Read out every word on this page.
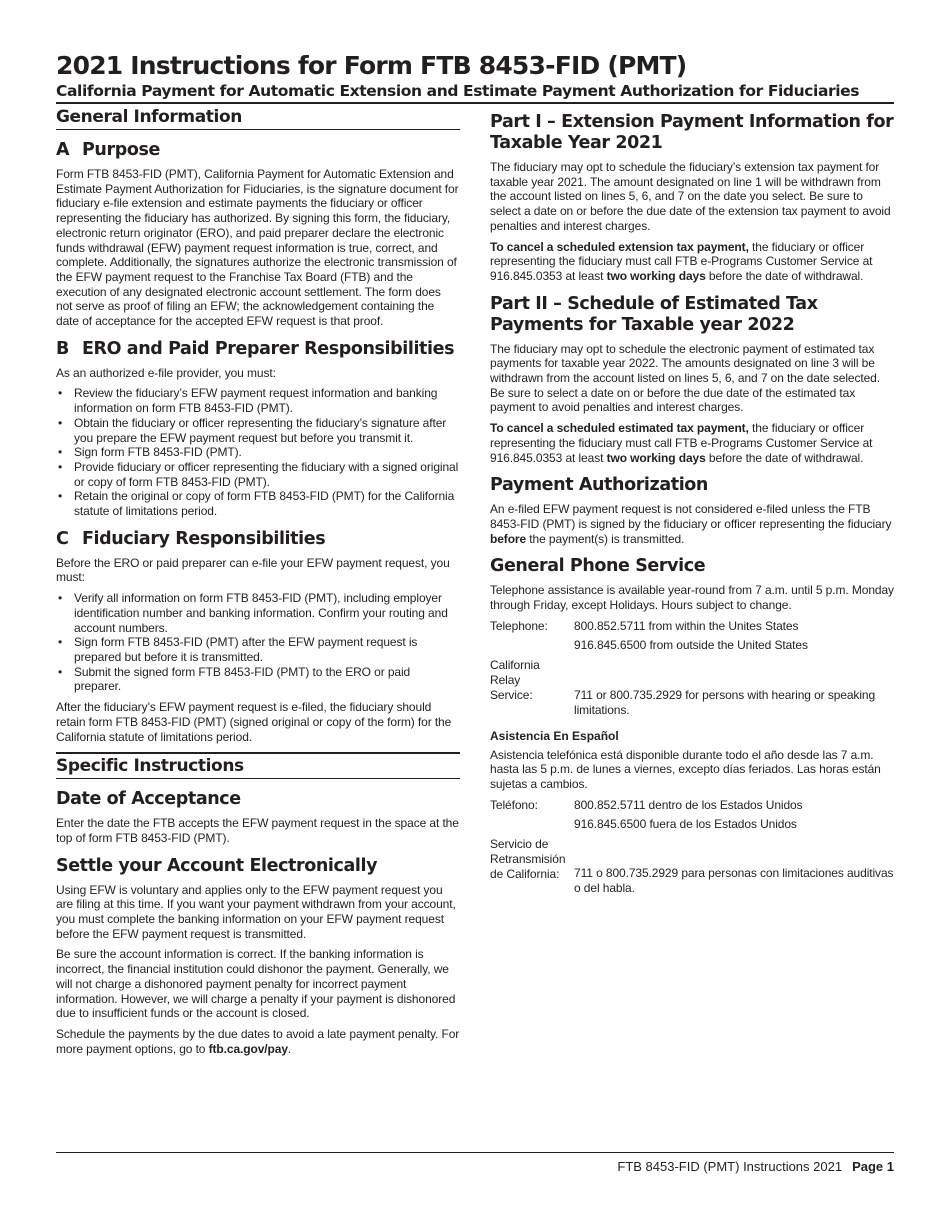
2021 Instructions for Form FTB 8453-FID (PMT)
California Payment for Automatic Extension and Estimate Payment Authorization for Fiduciaries
General Information
A Purpose

Form FTB 8453-FID (PMT), California Payment for Automatic Extension and Estimate Payment Authorization for Fiduciaries, is the signature document for fiduciary e-file extension and estimate payments the fiduciary or officer representing the fiduciary has authorized. By signing this form, the fiduciary, electronic return originator (ERO), and paid preparer declare the electronic funds withdrawal (EFW) payment request information is true, correct, and complete. Additionally, the signatures authorize the electronic transmission of the EFW payment request to the Franchise Tax Board (FTB) and the execution of any designated electronic account settlement. The form does not serve as proof of filing an EFW; the acknowledgement containing the date of acceptance for the accepted EFW request is that proof.

B ERO and Paid Preparer Responsibilities

As an authorized e-file provider, you must:

• Review the fiduciary’s EFW payment request information and banking information on form FTB 8453-FID (PMT).
• Obtain the fiduciary or officer representing the fiduciary’s signature after you prepare the EFW payment request but before you transmit it.
• Sign form FTB 8453-FID (PMT).
• Provide fiduciary or officer representing the fiduciary with a signed original or copy of form FTB 8453-FID (PMT).
• Retain the original or copy of form FTB 8453-FID (PMT) for the California statute of limitations period.
C Fiduciary Responsibilities

Before the ERO or paid preparer can e-file your EFW payment request, you must:

• Verify all information on form FTB 8453-FID (PMT), including employer identification number and banking information. Confirm your routing and account numbers.
• Sign form FTB 8453-FID (PMT) after the EFW payment request is prepared but before it is transmitted.
• Submit the signed form FTB 8453-FID (PMT) to the ERO or paid preparer.

After the fiduciary’s EFW payment request is e-filed, the fiduciary should retain form FTB 8453-FID (PMT) (signed original or copy of the form) for the California statute of limitations period.

Specific Instructions
Date of Acceptance

Enter the date the FTB accepts the EFW payment request in the space at the top of form FTB 8453-FID (PMT).

Settle your Account Electronically

Using EFW is voluntary and applies only to the EFW payment request you are filing at this time. If you want your payment withdrawn from your account, you must complete the banking information on your EFW payment request before the EFW payment request is transmitted.

Be sure the account information is correct. If the banking information is incorrect, the financial institution could dishonor the payment. Generally, we will not charge a dishonored payment penalty for incorrect payment information. However, we will charge a penalty if your payment is dishonored due to insufficient funds or the account is closed.

Schedule the payments by the due dates to avoid a late payment penalty. For more payment options, go to ftb.ca.gov/pay.

Part I – Extension Payment Information for Taxable Year 2021

The fiduciary may opt to schedule the fiduciary’s extension tax payment for taxable year 2021. The amount designated on line 1 will be withdrawn from the account listed on lines 5, 6, and 7 on the date you select. Be sure to select a date on or before the due date of the extension tax payment to avoid penalties and interest charges.

To cancel a scheduled extension tax payment, the fiduciary or officer representing the fiduciary must call FTB e-Programs Customer Service at 916.845.0353 at least two working days before the date of withdrawal.

Part II – Schedule of Estimated Tax Payments for Taxable year 2022

The fiduciary may opt to schedule the electronic payment of estimated tax payments for taxable year 2022. The amounts designated on line 3 will be withdrawn from the account listed on lines 5, 6, and 7 on the date selected. Be sure to select a date on or before the due date of the estimated tax payment to avoid penalties and interest charges.

To cancel a scheduled estimated tax payment, the fiduciary or officer representing the fiduciary must call FTB e-Programs Customer Service at 916.845.0353 at least two working days before the date of withdrawal.

Payment Authorization

An e-filed EFW payment request is not considered e-filed unless the FTB 8453-FID (PMT) is signed by the fiduciary or officer representing the fiduciary before the payment(s) is transmitted.

General Phone Service

Telephone assistance is available year-round from 7 a.m. until 5 p.m. Monday through Friday, except Holidays. Hours subject to change.

Telephone:	800.852.5711 from within the Unites States
	916.845.6500 from outside the United States

California
Relay
Service:	711 or 800.735.2929 for persons with hearing or speaking limitations.
Asistencia En Español

Asistencia telefónica está disponible durante todo el año desde las 7 a.m. hasta las 5 p.m. de lunes a viernes, excepto días feriados. Las horas están sujetas a cambios.

Teléfono:	800.852.5711 dentro de los Estados Unidos
	916.845.6500 fuera de los Estados Unidos

Servicio de
Retransmisión
de California:	711 o 800.735.2929 para personas con limitaciones auditivas o del habla.
FTB 8453-FID (PMT) Instructions 2021 Page 1
